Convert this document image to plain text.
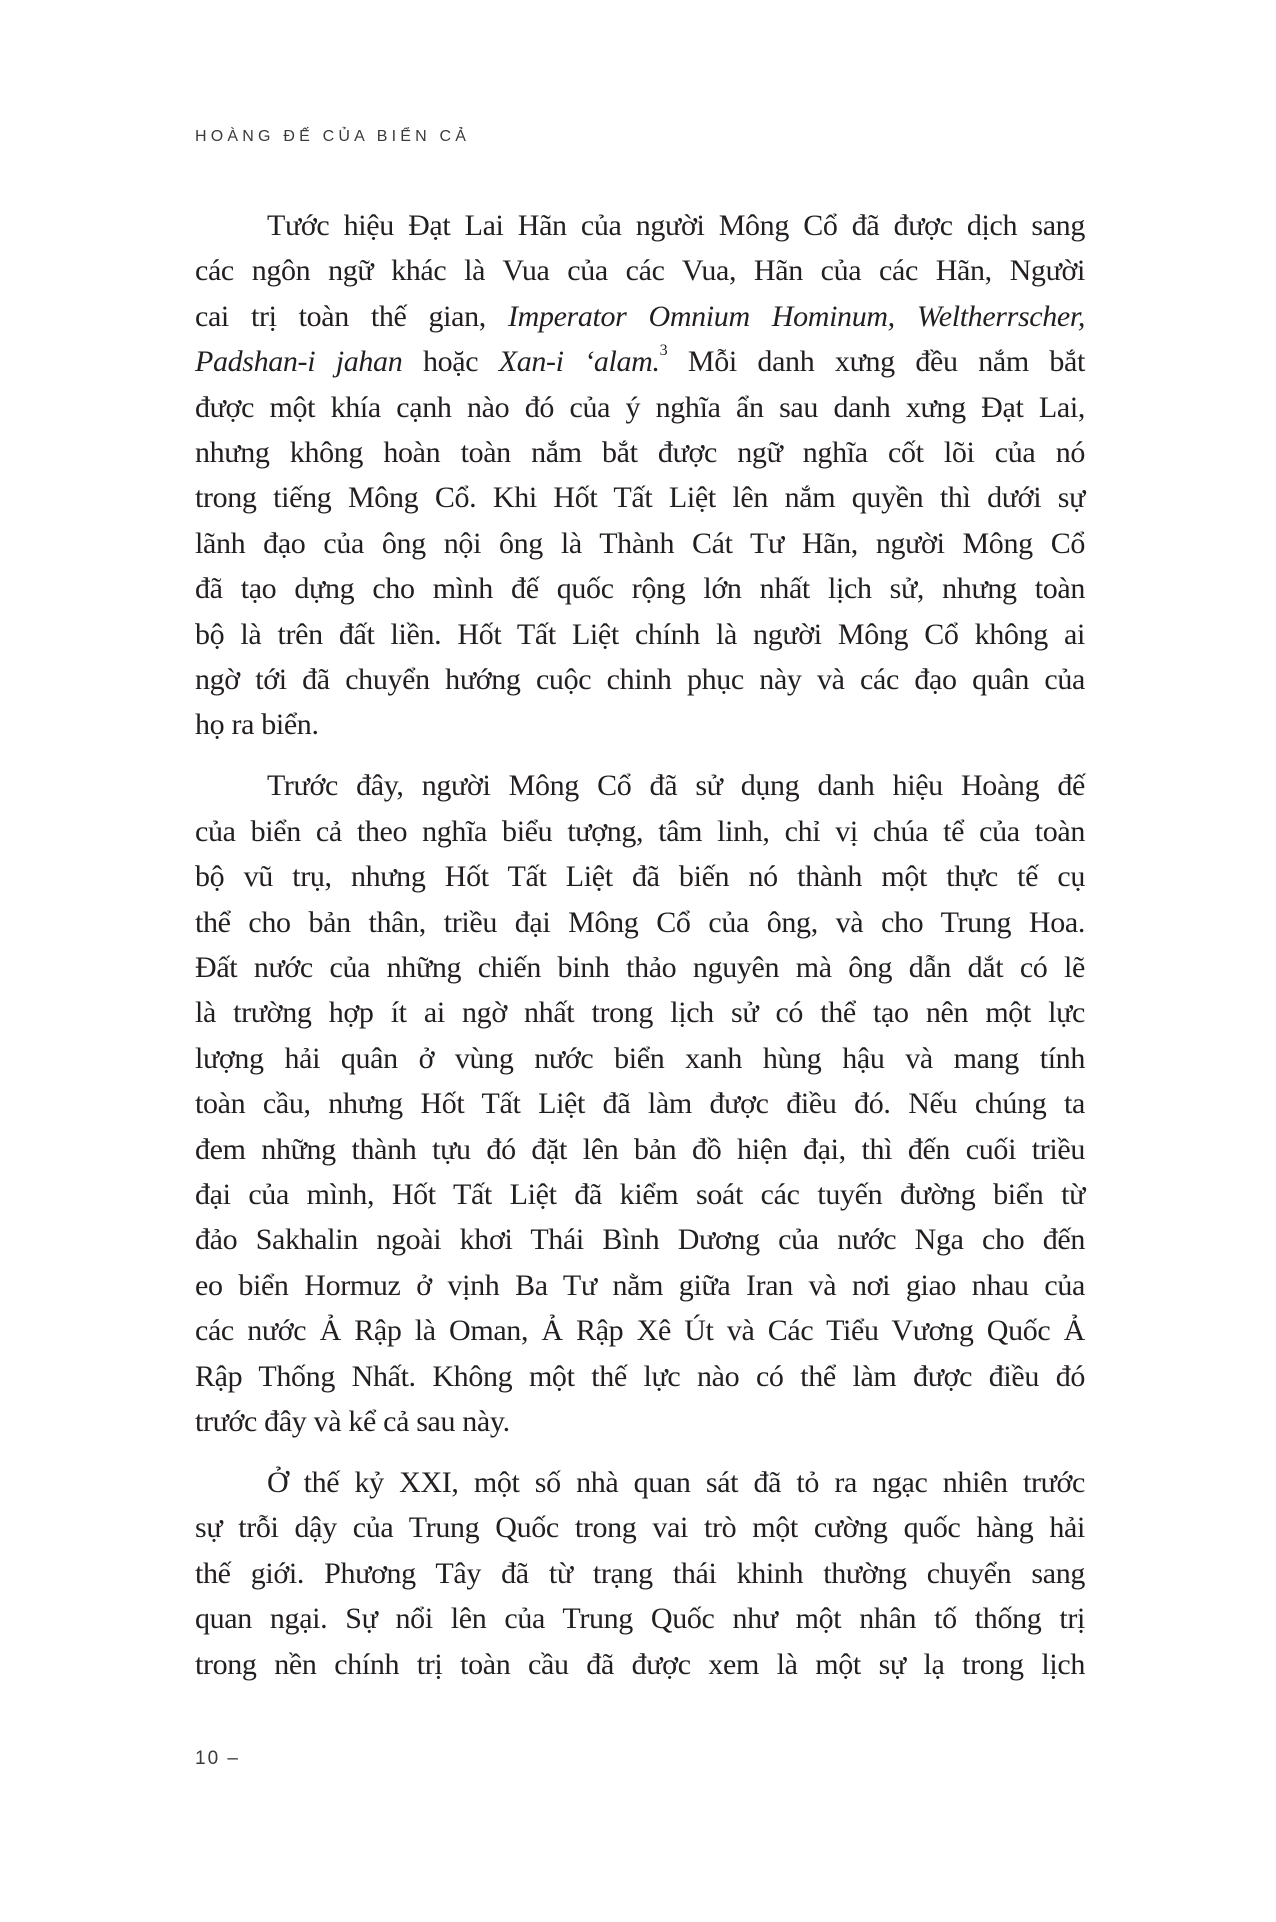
HOÀNG ĐẾ CỦA BIỂN CẢ

Tước hiệu Đạt Lai Hãn của người Mông Cổ đã được dịch sang
các ngôn ngữ khác là Vua của các Vua, Hãn của các Hãn, Người
cai trị toàn thế gian, Imperator Omnium Hominum, Weltherrscher,
Padshan-i jahan hoặc Xan-i ʻalam.$^3$ Mỗi danh xưng đều nắm bắt
được một khía cạnh nào đó của ý nghĩa ẩn sau danh xưng Đạt Lai,
nhưng không hoàn toàn nắm bắt được ngữ nghĩa cốt lõi của nó
trong tiếng Mông Cổ. Khi Hốt Tất Liệt lên nắm quyền thì dưới sự
lãnh đạo của ông nội ông là Thành Cát Tư Hãn, người Mông Cổ
đã tạo dựng cho mình đế quốc rộng lớn nhất lịch sử, nhưng toàn
bộ là trên đất liền. Hốt Tất Liệt chính là người Mông Cổ không ai
ngờ tới đã chuyển hướng cuộc chinh phục này và các đạo quân của
họ ra biển.

Trước đây, người Mông Cổ đã sử dụng danh hiệu Hoàng đế
của biển cả theo nghĩa biểu tượng, tâm linh, chỉ vị chúa tể của toàn
bộ vũ trụ, nhưng Hốt Tất Liệt đã biến nó thành một thực tế cụ
thể cho bản thân, triều đại Mông Cổ của ông, và cho Trung Hoa.
Đất nước của những chiến binh thảo nguyên mà ông dẫn dắt có lẽ
là trường hợp ít ai ngờ nhất trong lịch sử có thể tạo nên một lực
lượng hải quân ở vùng nước biển xanh hùng hậu và mang tính
toàn cầu, nhưng Hốt Tất Liệt đã làm được điều đó. Nếu chúng ta
đem những thành tựu đó đặt lên bản đồ hiện đại, thì đến cuối triều
đại của mình, Hốt Tất Liệt đã kiểm soát các tuyến đường biển từ
đảo Sakhalin ngoài khơi Thái Bình Dương của nước Nga cho đến
eo biển Hormuz ở vịnh Ba Tư nằm giữa Iran và nơi giao nhau của
các nước Ả Rập là Oman, Ả Rập Xê Út và Các Tiểu Vương Quốc Ả
Rập Thống Nhất. Không một thế lực nào có thể làm được điều đó
trước đây và kể cả sau này.

Ở thế kỷ XXI, một số nhà quan sát đã tỏ ra ngạc nhiên trước
sự trỗi dậy của Trung Quốc trong vai trò một cường quốc hàng hải
thế giới. Phương Tây đã từ trạng thái khinh thường chuyển sang
quan ngại. Sự nổi lên của Trung Quốc như một nhân tố thống trị
trong nền chính trị toàn cầu đã được xem là một sự lạ trong lịch

10 –
